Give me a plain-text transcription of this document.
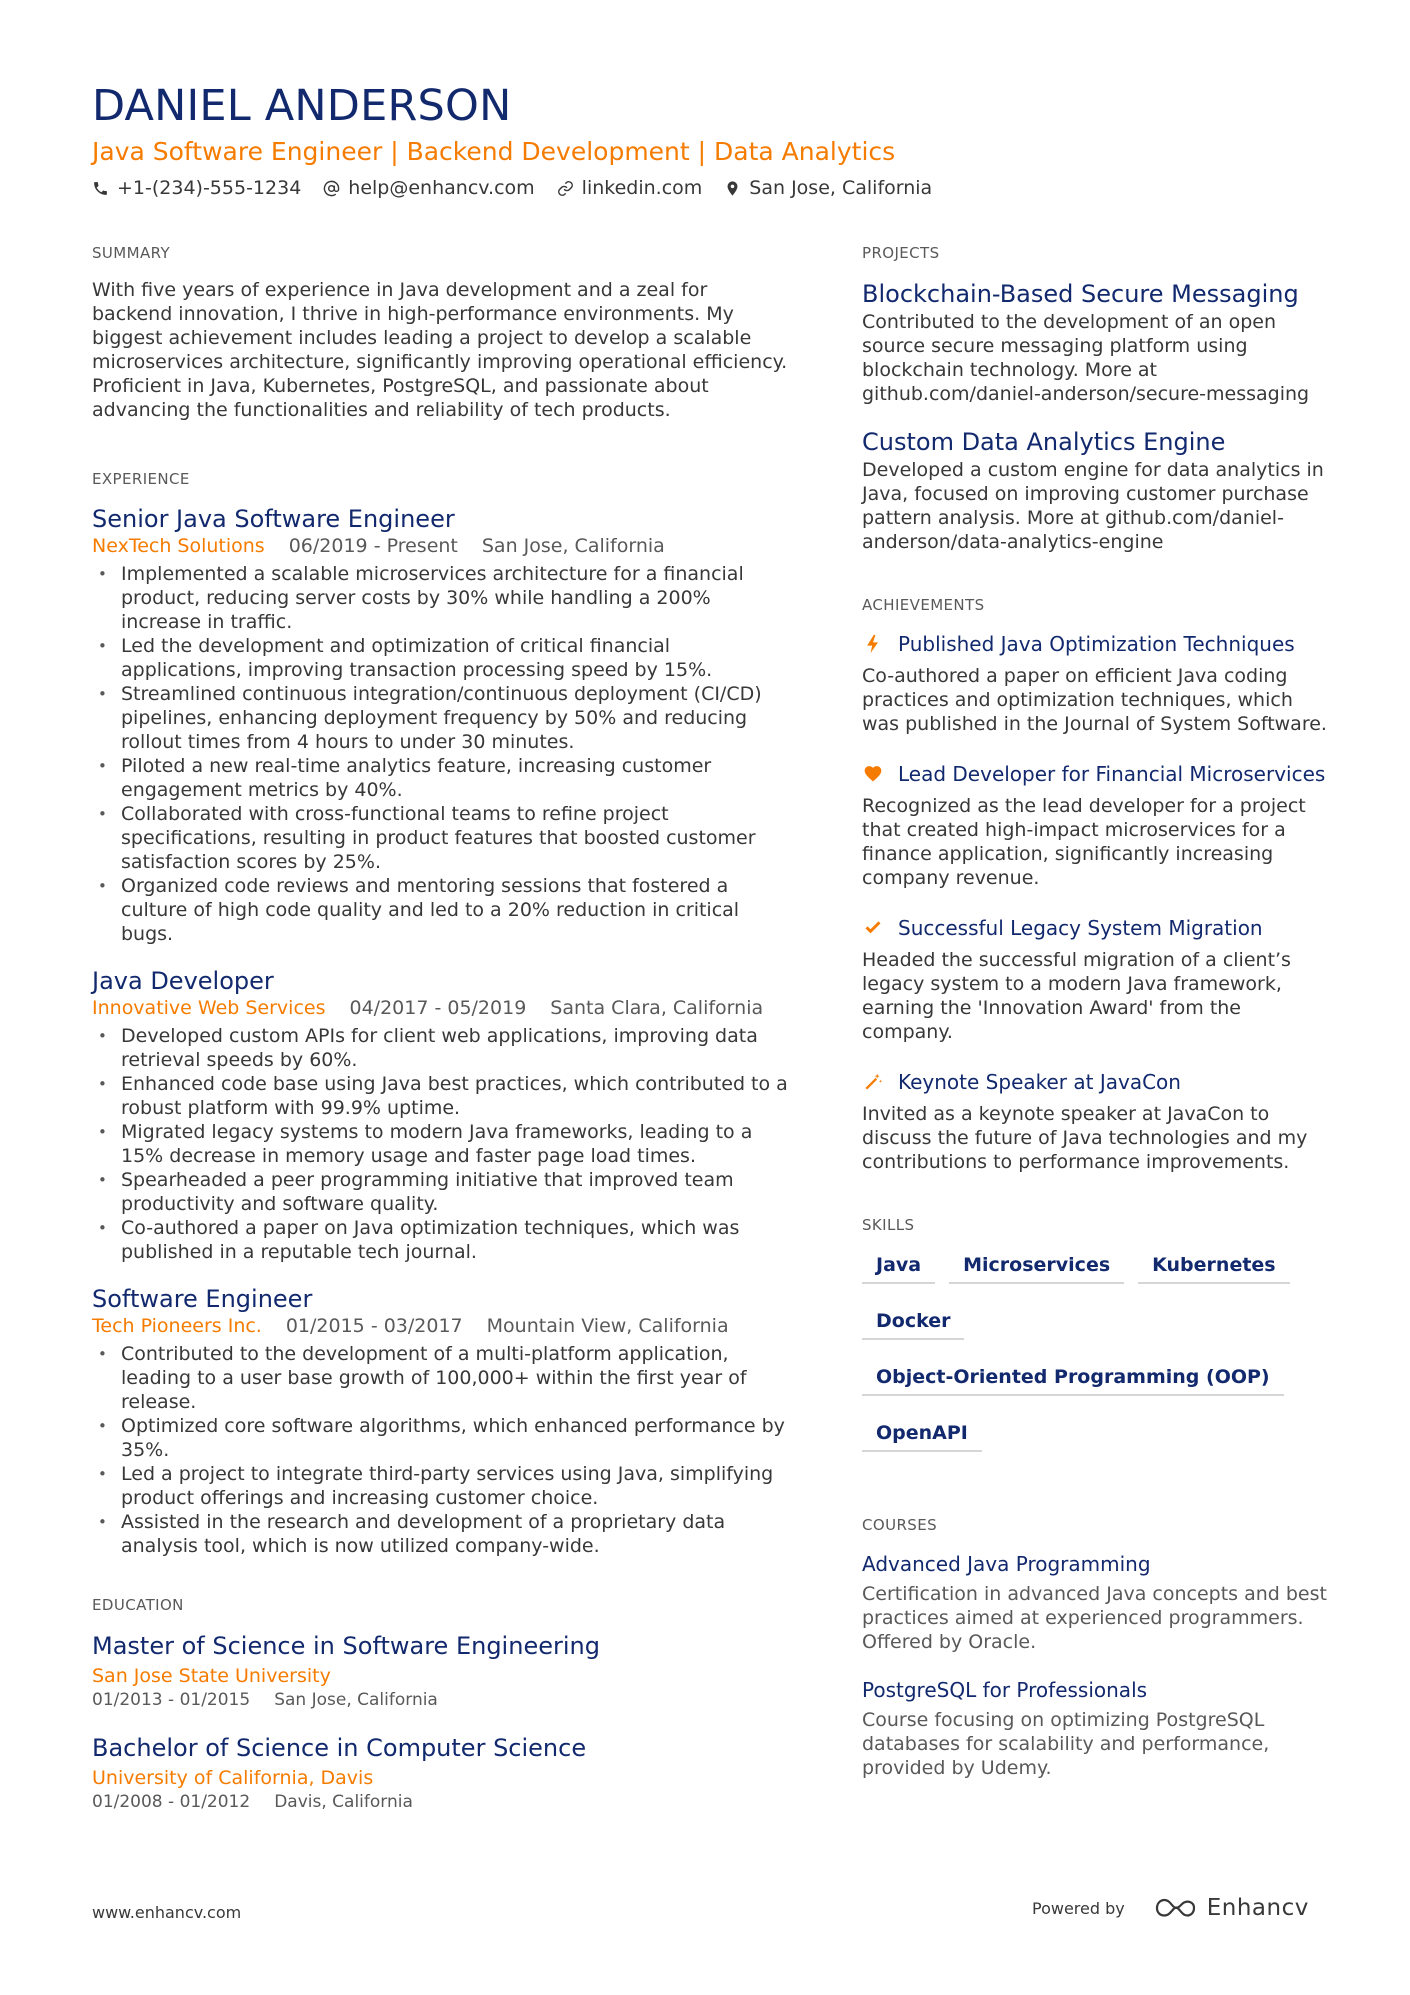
DANIEL ANDERSON
Java Software Engineer | Backend Development | Data Analytics
+1-(234)-555-1234 help@enhancv.com linkedin.com San Jose, California
SUMMARY
With five years of experience in Java development and a zeal for backend innovation, I thrive in high-performance environments. My biggest achievement includes leading a project to develop a scalable microservices architecture, significantly improving operational efficiency. Proficient in Java, Kubernetes, PostgreSQL, and passionate about advancing the functionalities and reliability of tech products.
EXPERIENCE
Senior Java Software Engineer
NexTech Solutions 06/2019 - Present San Jose, California
• Implemented a scalable microservices architecture for a financial product, reducing server costs by 30% while handling a 200% increase in traffic.
• Led the development and optimization of critical financial applications, improving transaction processing speed by 15%.
• Streamlined continuous integration/continuous deployment (CI/CD) pipelines, enhancing deployment frequency by 50% and reducing rollout times from 4 hours to under 30 minutes.
• Piloted a new real-time analytics feature, increasing customer engagement metrics by 40%.
• Collaborated with cross-functional teams to refine project specifications, resulting in product features that boosted customer satisfaction scores by 25%.
• Organized code reviews and mentoring sessions that fostered a culture of high code quality and led to a 20% reduction in critical bugs.
Java Developer
Innovative Web Services 04/2017 - 05/2019 Santa Clara, California
• Developed custom APIs for client web applications, improving data retrieval speeds by 60%.
• Enhanced code base using Java best practices, which contributed to a robust platform with 99.9% uptime.
• Migrated legacy systems to modern Java frameworks, leading to a 15% decrease in memory usage and faster page load times.
• Spearheaded a peer programming initiative that improved team productivity and software quality.
• Co-authored a paper on Java optimization techniques, which was published in a reputable tech journal.
Software Engineer
Tech Pioneers Inc. 01/2015 - 03/2017 Mountain View, California
• Contributed to the development of a multi-platform application, leading to a user base growth of 100,000+ within the first year of release.
• Optimized core software algorithms, which enhanced performance by 35%.
• Led a project to integrate third-party services using Java, simplifying product offerings and increasing customer choice.
• Assisted in the research and development of a proprietary data analysis tool, which is now utilized company-wide.
EDUCATION
Master of Science in Software Engineering
San Jose State University
01/2013 - 01/2015 San Jose, California
Bachelor of Science in Computer Science
University of California, Davis
01/2008 - 01/2012 Davis, California
PROJECTS
Blockchain-Based Secure Messaging
Contributed to the development of an open source secure messaging platform using blockchain technology. More at github.com/daniel-anderson/secure-messaging
Custom Data Analytics Engine
Developed a custom engine for data analytics in Java, focused on improving customer purchase pattern analysis. More at github.com/daniel-anderson/data-analytics-engine
ACHIEVEMENTS
Published Java Optimization Techniques
Co-authored a paper on efficient Java coding practices and optimization techniques, which was published in the Journal of System Software.
Lead Developer for Financial Microservices
Recognized as the lead developer for a project that created high-impact microservices for a finance application, significantly increasing company revenue.
Successful Legacy System Migration
Headed the successful migration of a client’s legacy system to a modern Java framework, earning the 'Innovation Award' from the company.
Keynote Speaker at JavaCon
Invited as a keynote speaker at JavaCon to discuss the future of Java technologies and my contributions to performance improvements.
SKILLS
Java	Microservices	Kubernetes
Docker
Object-Oriented Programming (OOP)
OpenAPI
COURSES
Advanced Java Programming
Certification in advanced Java concepts and best practices aimed at experienced programmers. Offered by Oracle.
PostgreSQL for Professionals
Course focusing on optimizing PostgreSQL databases for scalability and performance, provided by Udemy.
www.enhancv.com	Powered by	Enhancv
